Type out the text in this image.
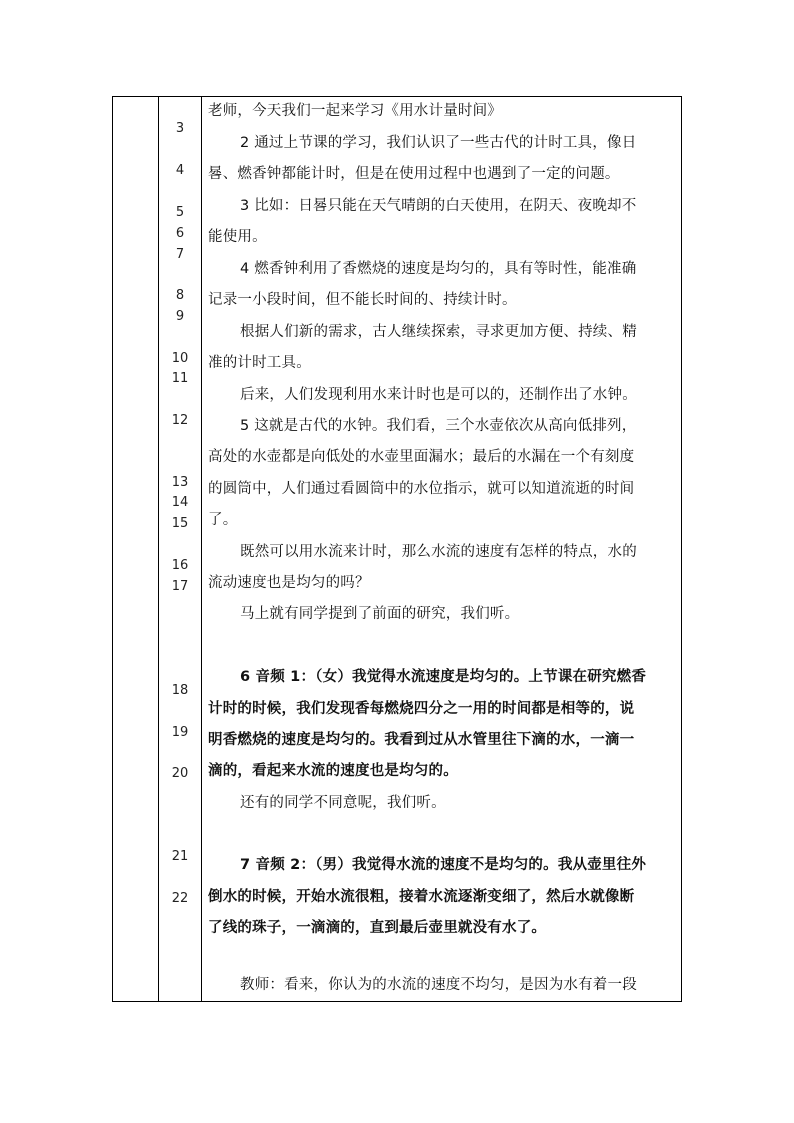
3
4
5
6
7
8
9
10
11
12
13
14
15
16
17
18
19
20
21
22
老师，今天我们一起来学习《用水计量时间》
2 通过上节课的学习，我们认识了一些古代的计时工具，像日
晷、燃香钟都能计时，但是在使用过程中也遇到了一定的问题。
3 比如：日晷只能在天气晴朗的白天使用，在阴天、夜晚却不
能使用。
4 燃香钟利用了香燃烧的速度是均匀的，具有等时性，能准确
记录一小段时间，但不能长时间的、持续计时。
根据人们新的需求，古人继续探索，寻求更加方便、持续、精
准的计时工具。
后来，人们发现利用水来计时也是可以的，还制作出了水钟。
5 这就是古代的水钟。我们看，三个水壶依次从高向低排列，
高处的水壶都是向低处的水壶里面漏水；最后的水漏在一个有刻度
的圆筒中，人们通过看圆筒中的水位指示，就可以知道流逝的时间
了。
既然可以用水流来计时，那么水流的速度有怎样的特点，水的
流动速度也是均匀的吗？
马上就有同学提到了前面的研究，我们听。
6 音频 1：（女）我觉得水流速度是均匀的。上节课在研究燃香
计时的时候，我们发现香每燃烧四分之一用的时间都是相等的，说
明香燃烧的速度是均匀的。我看到过从水管里往下滴的水，一滴一
滴的，看起来水流的速度也是均匀的。
还有的同学不同意呢，我们听。
7 音频 2：（男）我觉得水流的速度不是均匀的。我从壶里往外
倒水的时候，开始水流很粗，接着水流逐渐变细了，然后水就像断
了线的珠子，一滴滴的，直到最后壶里就没有水了。
教师：看来，你认为的水流的速度不均匀，是因为水有着一段
